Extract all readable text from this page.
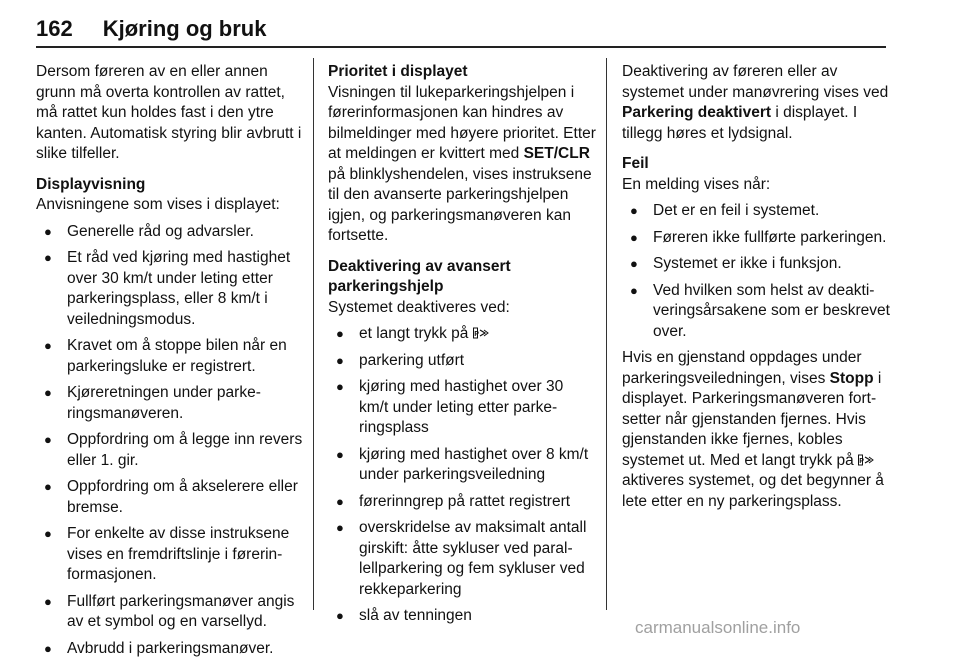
162 Kjøring og bruk

Dersom føreren av en eller annen grunn må overta kontrollen av rattet, må rattet kun holdes fast i den ytre kanten. Automatisk styring blir avbrutt i slike tilfeller.

Displayvisning

Anvisningene som vises i displayet:

● Generelle råd og advarsler.
● Et råd ved kjøring med hastighet over 30 km/t under leting etter parkeringsplass, eller 8 km/t i veiledningsmodus.
● Kravet om å stoppe bilen når en parkeringsluke er registrert.
● Kjøreretningen under parkeringsmanøveren.
● Oppfordring om å legge inn revers eller 1. gir.
● Oppfordring om å akselerere eller bremse.
● For enkelte av disse instruksene vises en fremdriftslinje i førerinformasjonen.
● Fullført parkeringsmanøver angis av et symbol og en varsellyd.
● Avbrudd i parkeringsmanøver.

Prioritet i displayet

Visningen til lukeparkeringshjelpen i førerinformasjonen kan hindres av bilmeldinger med høyere prioritet. Etter at meldingen er kvittert med SET/CLR på blinklyshendelen, vises instruksene til den avanserte parkeringshjelpen igjen, og parkeringsmanøveren kan fortsette.

Deaktivering av avansert parkeringshjelp

Systemet deaktiveres ved:

● et langt trykk på P
● parkering utført
● kjøring med hastighet over 30 km/t under leting etter parkeringsplass
● kjøring med hastighet over 8 km/t under parkeringsveiledning
● førerinngrep på rattet registrert
● overskridelse av maksimalt antall girskift: åtte sykluser ved parallellparkering og fem sykluser ved rekkeparkering
● slå av tenningen

Deaktivering av føreren eller av systemet under manøvrering vises ved Parkering deaktivert i displayet. I tillegg høres et lydsignal.

Feil

En melding vises når:

● Det er en feil i systemet.
● Føreren ikke fullførte parkeringen.
● Systemet er ikke i funksjon.
● Ved hvilken som helst av deaktiveringsårsakene som er beskrevet over.

Hvis en gjenstand oppdages under parkeringsveiledningen, vises Stopp i displayet. Parkeringsmanøveren fortsetter når gjenstanden fjernes. Hvis gjenstanden ikke fjernes, kobles systemet ut. Med et langt trykk på P
aktiveres systemet, og det begynner å lete etter en ny parkeringsplass.

carmanualsonline.info
